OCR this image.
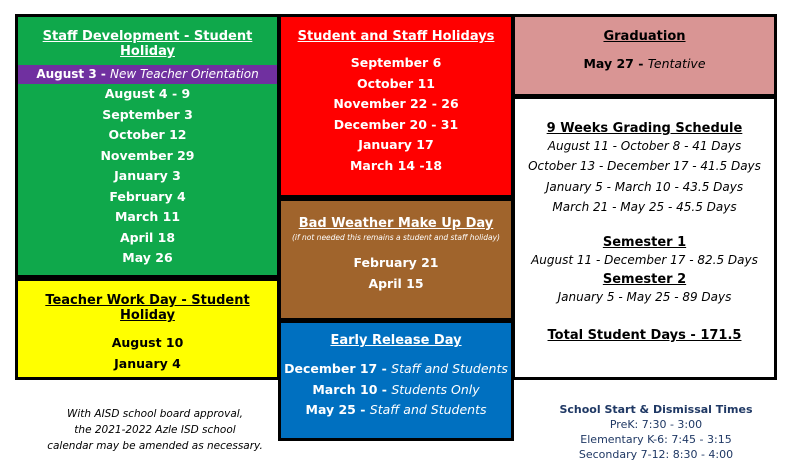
Staff Development - Student Holiday
August 3 - New Teacher Orientation
August 4 - 9
September 3
October 12
November 29
January 3
February 4
March 11
April 18
May 26
Teacher Work Day - Student Holiday
August 10
January 4
Student and Staff Holidays
September 6
October 11
November 22 - 26
December 20 - 31
January 17
March 14 -18
Bad Weather Make Up Day
(if not needed this remains a student and staff holiday)
February 21
April 15
Early Release Day
December 17 - Staff and Students
March 10 - Students Only
May 25 - Staff and Students
Graduation
May 27 - Tentative
9 Weeks Grading Schedule
August 11 - October 8 - 41 Days
October 13 - December 17 - 41.5 Days
January 5 - March 10 - 43.5 Days
March 21 - May 25 - 45.5 Days
Semester 1
August 11 - December 17 - 82.5 Days
Semester 2
January 5 - May 25 - 89 Days
Total Student Days - 171.5
With AISD school board approval,
the 2021-2022 Azle ISD school
calendar may be amended as necessary.
School Start & Dismissal Times
PreK: 7:30 - 3:00
Elementary K-6: 7:45 - 3:15
Secondary 7-12: 8:30 - 4:00
